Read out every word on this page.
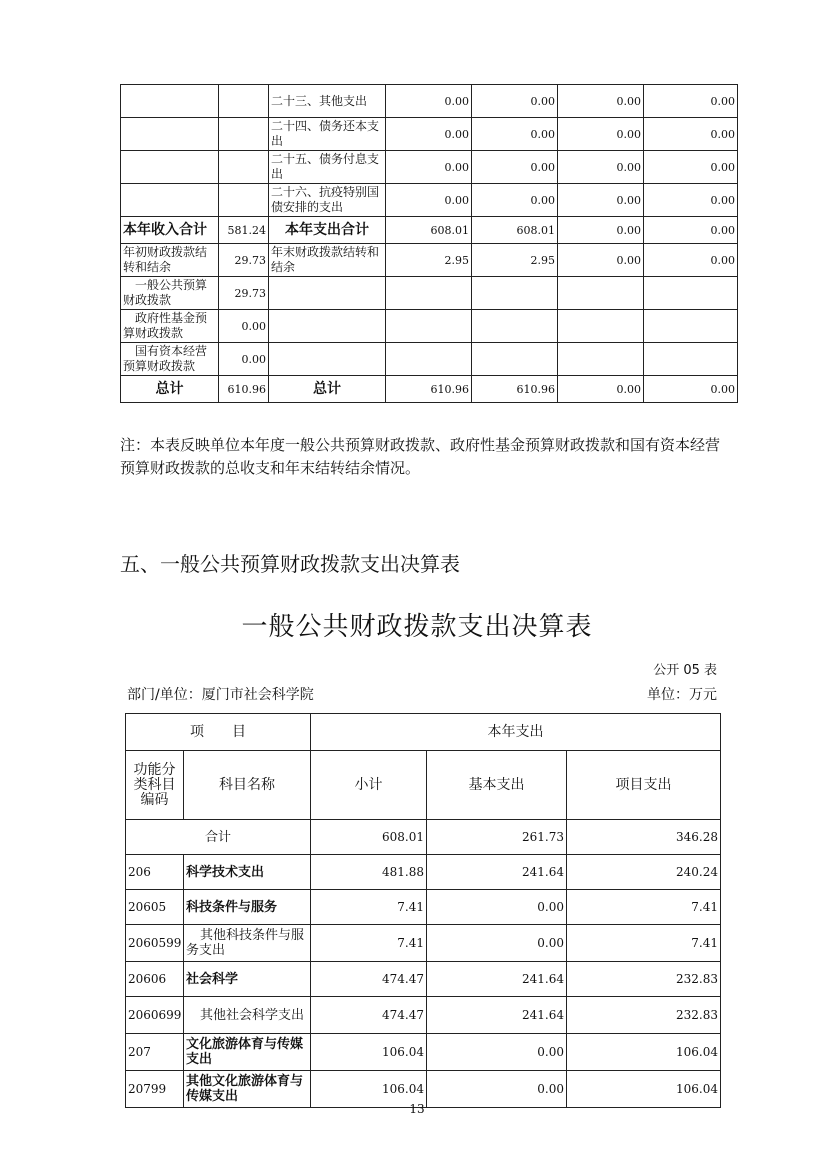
		二十三、其他支出	0.00	0.00	0.00	0.00
		二十四、债务还本支出	0.00	0.00	0.00	0.00
		二十五、债务付息支出	0.00	0.00	0.00	0.00
		二十六、抗疫特别国债安排的支出	0.00	0.00	0.00	0.00
本年收入合计	581.24	本年支出合计	608.01	608.01	0.00	0.00
年初财政拨款结转和结余	29.73	年末财政拨款结转和结余	2.95	2.95	0.00	0.00
一般公共预算财政拨款	29.73					
政府性基金预算财政拨款	0.00					
国有资本经营预算财政拨款	0.00					
总计	610.96	总计	610.96	610.96	0.00	0.00
注：本表反映单位本年度一般公共预算财政拨款、政府性基金预算财政拨款和国有资本经营预算财政拨款的总收支和年末结转结余情况。
五、一般公共预算财政拨款支出决算表
一般公共财政拨款支出决算表
公开 05 表
部门/单位：厦门市社会科学院	单位：万元
项　　目		本年支出		
功能分类科目编码	科目名称	小计	基本支出	项目支出
合计		608.01	261.73	346.28
206	科学技术支出	481.88	241.64	240.24
20605	科技条件与服务	7.41	0.00	7.41
2060599	其他科技条件与服务支出	7.41	0.00	7.41
20606	社会科学	474.47	241.64	232.83
2060699	其他社会科学支出	474.47	241.64	232.83
207	文化旅游体育与传媒支出	106.04	0.00	106.04
20799	其他文化旅游体育与传媒支出	106.04	0.00	106.04
13
